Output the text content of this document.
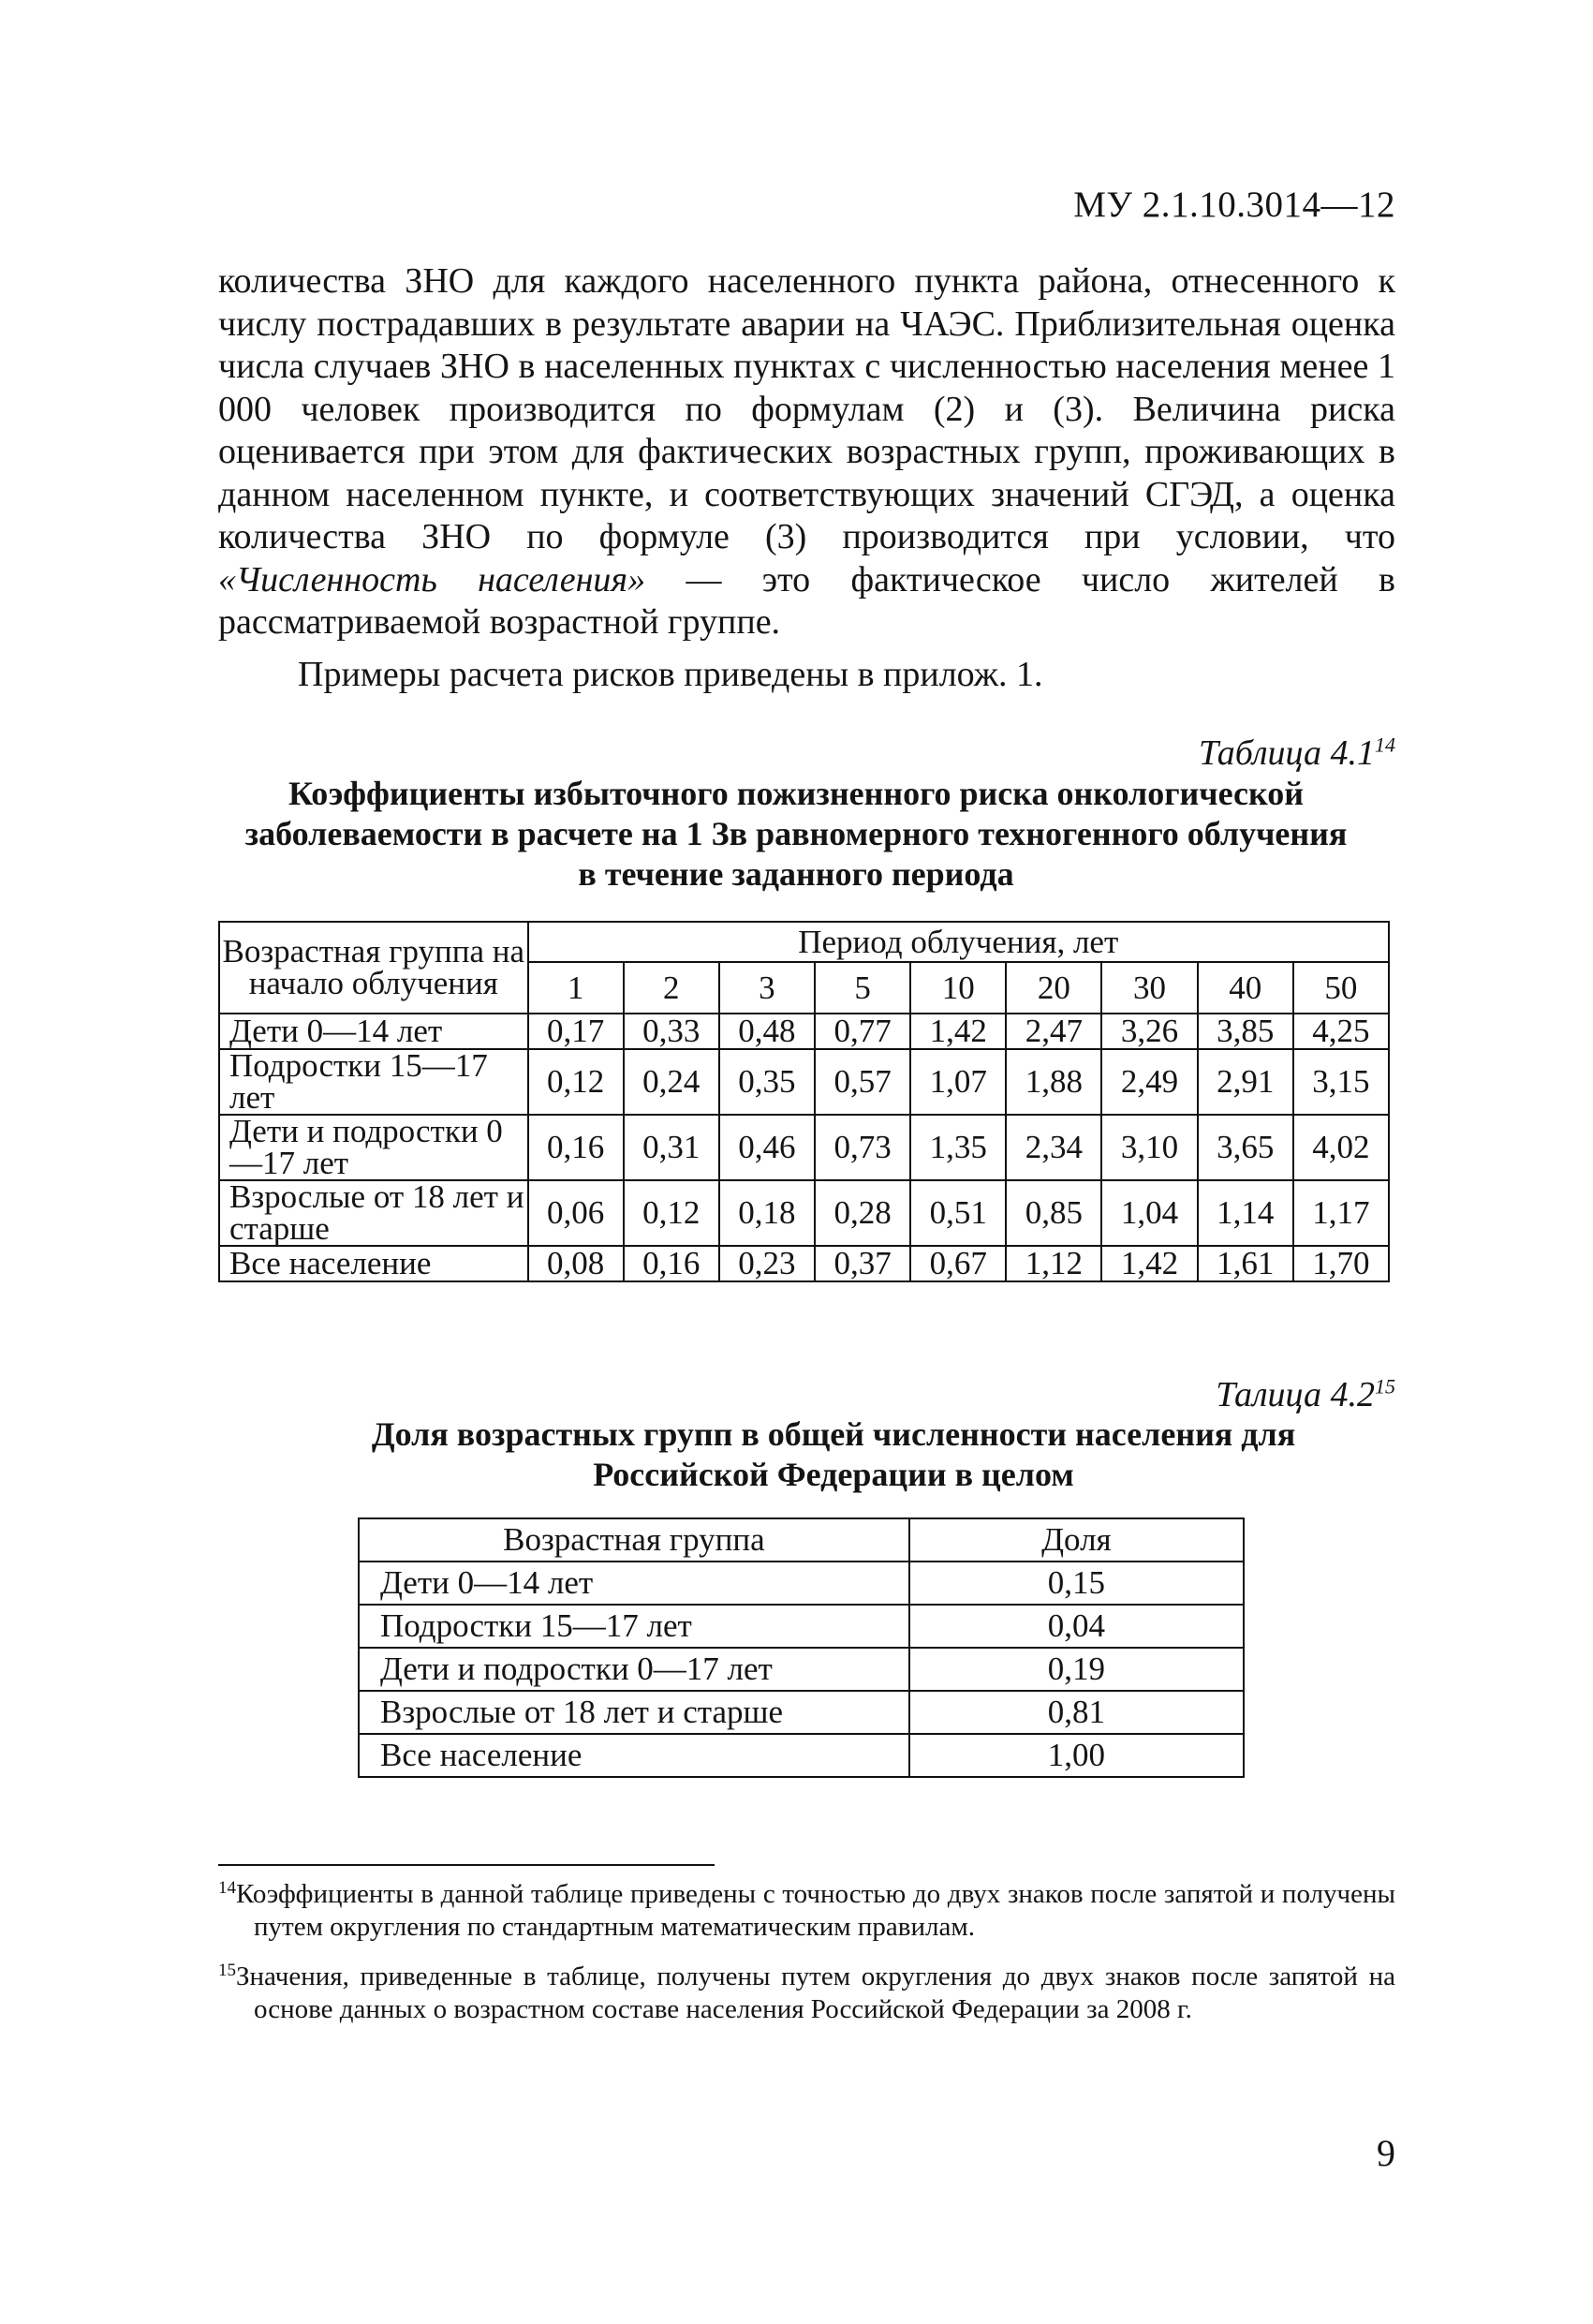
МУ 2.1.10.3014—12

количества ЗНО для каждого населенного пункта района, отнесенного к числу пострадавших в результате аварии на ЧАЭС. Приблизительная оценка числа случаев ЗНО в населенных пунктах с численностью населения менее 1 000 человек производится по формулам (2) и (3). Величина риска оценивается при этом для фактических возрастных групп, проживающих в данном населенном пункте, и соответствующих значений СГЭД, а оценка количества ЗНО по формуле (3) производится при условии, что «Численность населения» — это фактическое число жителей в рассматриваемой возрастной группе.

Примеры расчета рисков приведены в прилож. 1.

Таблица $4.1^{14}$
Коэффициенты избыточного пожизненного риска онкологической заболеваемости в расчете на 1 Зв равномерного техногенного облучения в течение заданного периода
Возрастная группа на начало облучения	Период облучения, лет								
	1	2	3	5	10	20	30	40	50
Дети 0—14 лет	0,17	0,33	0,48	0,77	1,42	2,47	3,26	3,85	4,25
Подростки 15—17 лет	0,12	0,24	0,35	0,57	1,07	1,88	2,49	2,91	3,15
Дети и подростки 0—17 лет	0,16	0,31	0,46	0,73	1,35	2,34	3,10	3,65	4,02
Взрослые от 18 лет и старше	0,06	0,12	0,18	0,28	0,51	0,85	1,04	1,14	1,17
Все население	0,08	0,16	0,23	0,37	0,67	1,12	1,42	1,61	1,70
Талица $4.2^{15}$
Доля возрастных групп в общей численности населения для Российской Федерации в целом
Возрастная группа	Доля
Дети 0—14 лет	0,15
Подростки 15—17 лет	0,04
Дети и подростки 0—17 лет	0,19
Взрослые от 18 лет и старше	0,81
Все население	1,00
$^{14}$Коэффициенты в данной таблице приведены с точностью до двух знаков после запятой и получены путем округления по стандартным математическим правилам.
$^{15}$Значения, приведенные в таблице, получены путем округления до двух знаков после запятой на основе данных о возрастном составе населения Российской Федерации за 2008 г.
9
